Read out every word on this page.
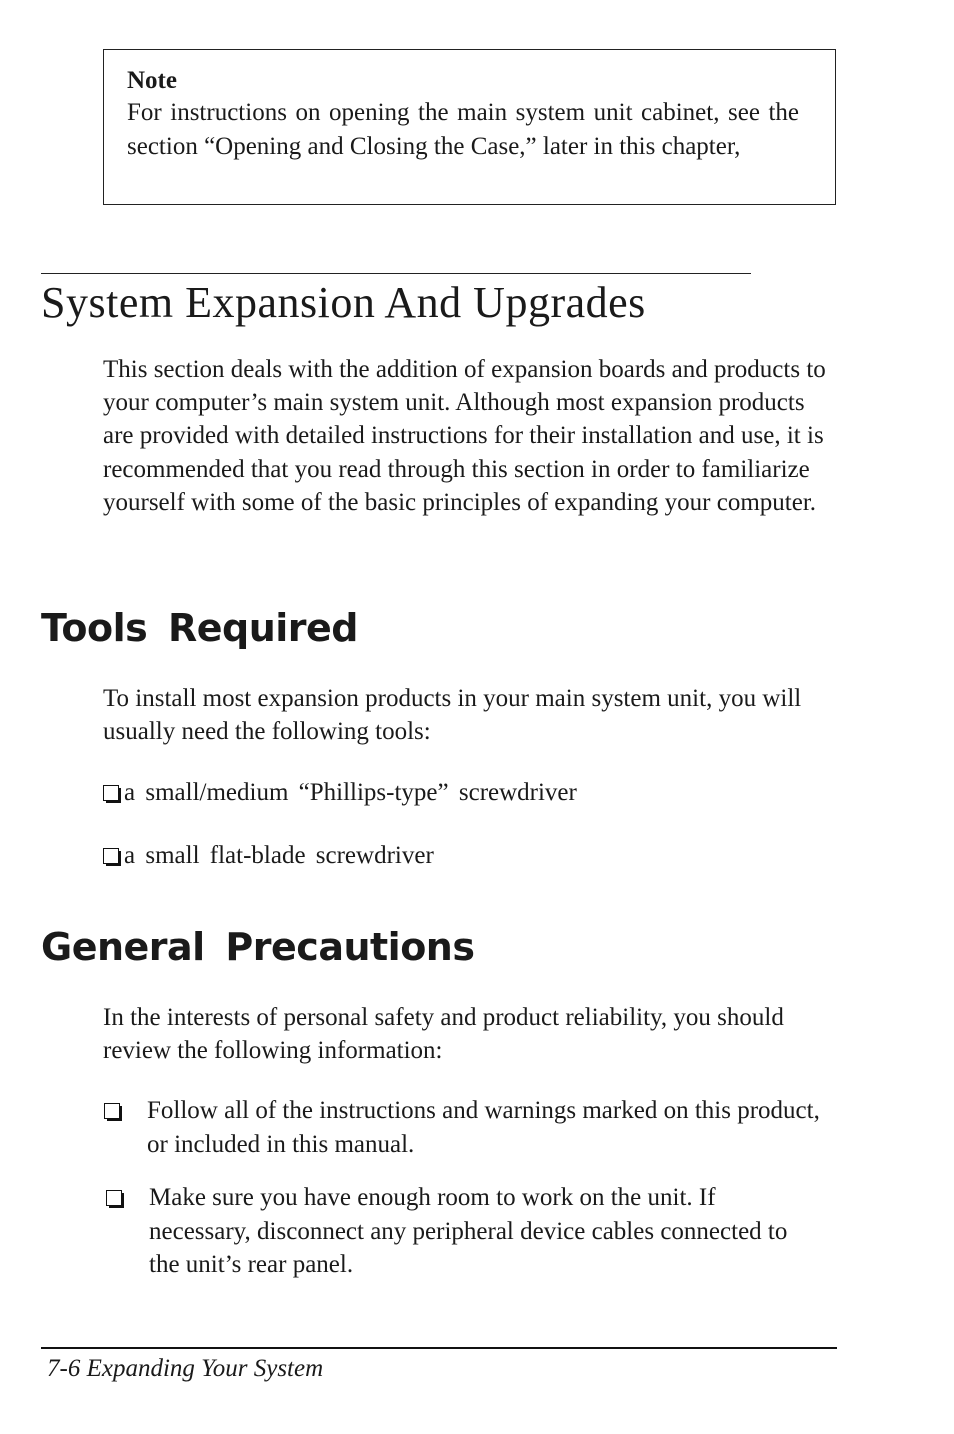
Note

For instructions on opening the main system unit cabinet, see the section “Opening and Closing the Case,” later in this chapter,

System Expansion And Upgrades

This section deals with the addition of expansion boards and products to your computer’s main system unit. Although most expansion products are provided with detailed instructions for their installation and use, it is recommended that you read through this section in order to familiarize yourself with some of the basic principles of expanding your computer.

Tools Required

To install most expansion products in your main system unit, you will usually need the following tools:

a small/medium “Phillips-type” screwdriver
a small flat-blade screwdriver
General Precautions

In the interests of personal safety and product reliability, you should review the following information:

Follow all of the instructions and warnings marked on this product, or included in this manual.

Make sure you have enough room to work on the unit. If necessary, disconnect any peripheral device cables connected to the unit’s rear panel.

7-6 Expanding Your System
